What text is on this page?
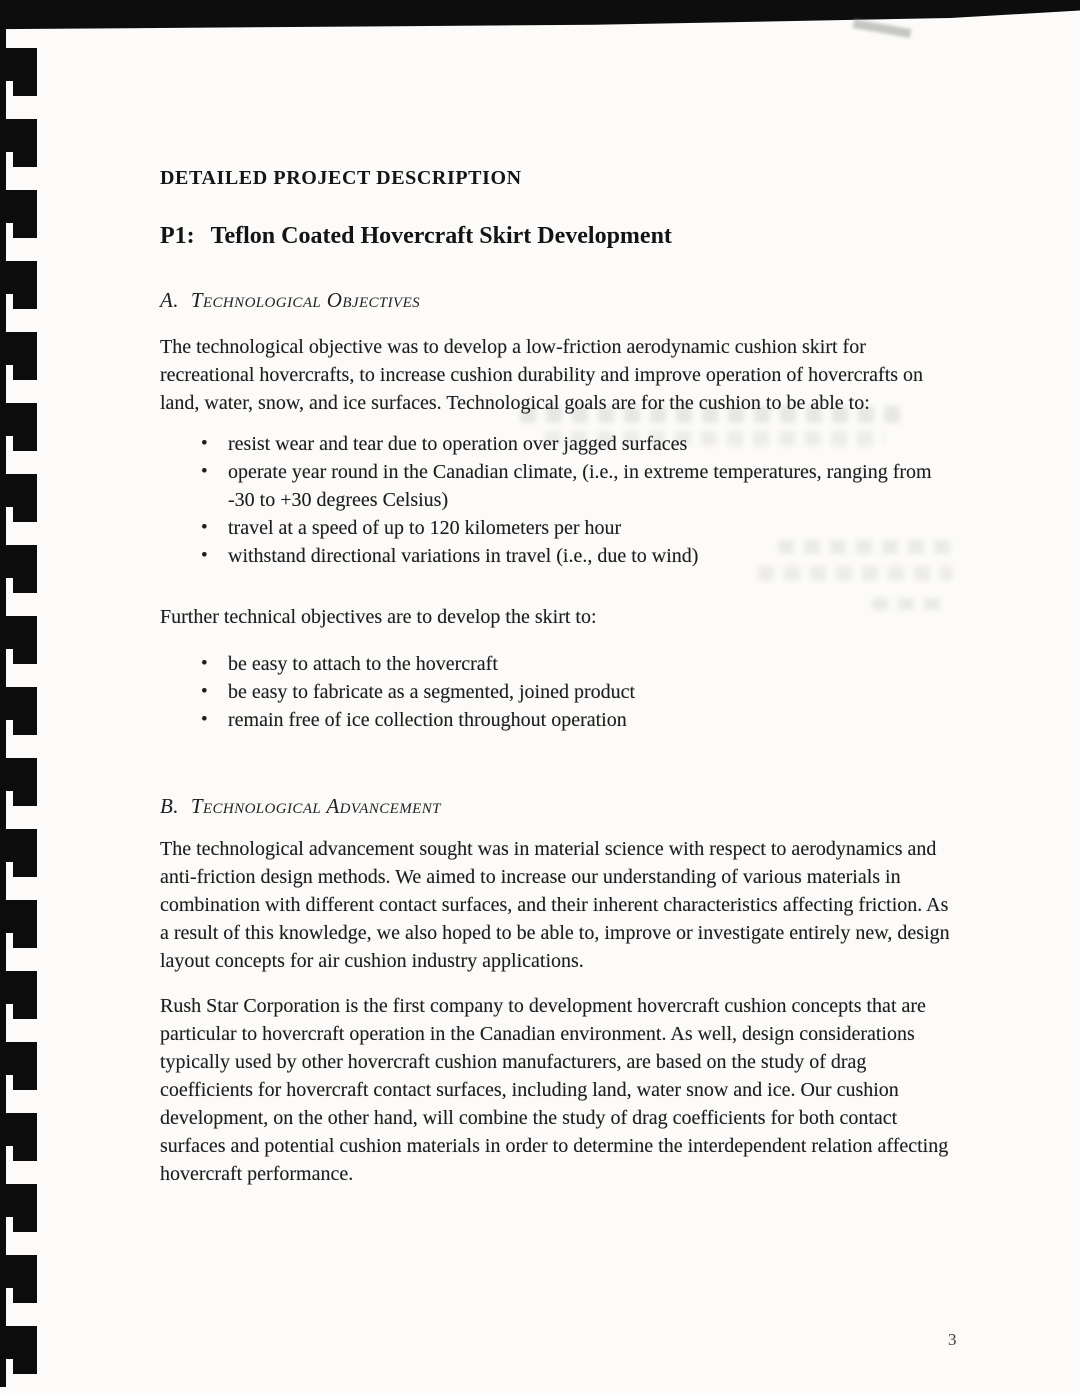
DETAILED PROJECT DESCRIPTION
P1: Teflon Coated Hovercraft Skirt Development
A. Technological Objectives

The technological objective was to develop a low-friction aerodynamic cushion skirt for recreational hovercrafts, to increase cushion durability and improve operation of hovercrafts on land, water, snow, and ice surfaces. Technological goals are for the cushion to be able to:

• resist wear and tear due to operation over jagged surfaces
• operate year round in the Canadian climate, (i.e., in extreme temperatures, ranging from -30 to +30 degrees Celsius)
• travel at a speed of up to 120 kilometers per hour
• withstand directional variations in travel (i.e., due to wind)

Further technical objectives are to develop the skirt to:

• be easy to attach to the hovercraft
• be easy to fabricate as a segmented, joined product
• remain free of ice collection throughout operation
B. Technological Advancement

The technological advancement sought was in material science with respect to aerodynamics and anti-friction design methods. We aimed to increase our understanding of various materials in combination with different contact surfaces, and their inherent characteristics affecting friction. As a result of this knowledge, we also hoped to be able to, improve or investigate entirely new, design layout concepts for air cushion industry applications.

Rush Star Corporation is the first company to development hovercraft cushion concepts that are particular to hovercraft operation in the Canadian environment. As well, design considerations typically used by other hovercraft cushion manufacturers, are based on the study of drag coefficients for hovercraft contact surfaces, including land, water snow and ice. Our cushion development, on the other hand, will combine the study of drag coefficients for both contact surfaces and potential cushion materials in order to determine the interdependent relation affecting hovercraft performance.

3
